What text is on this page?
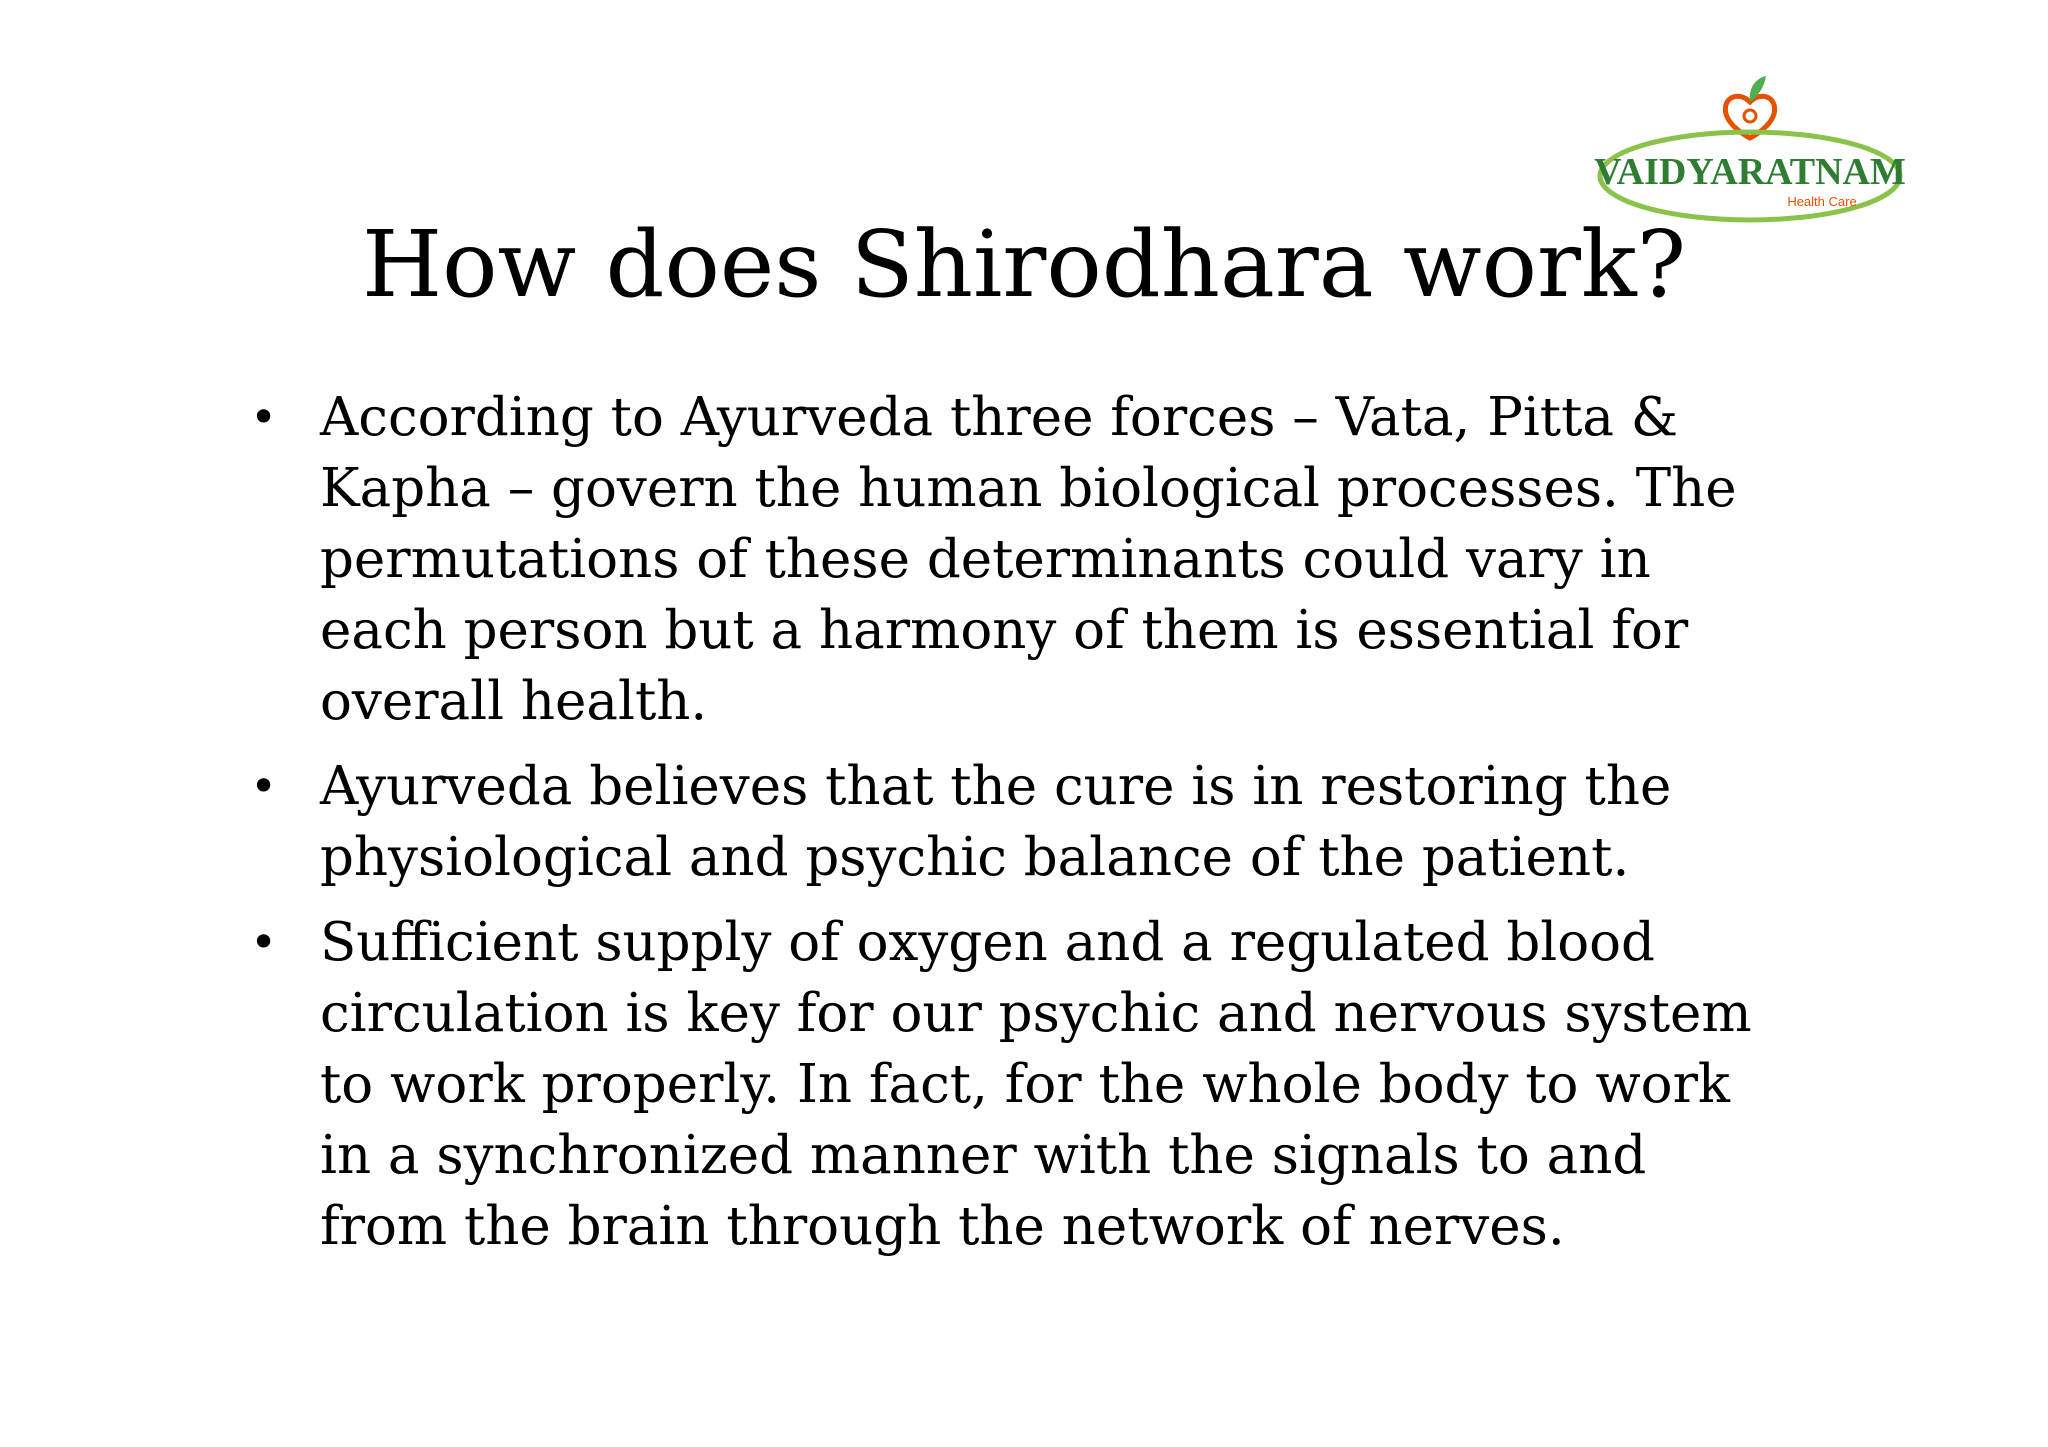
VAIDYARATNAM
Health Care
How does Shirodhara work?
• According to Ayurveda three forces – Vata, Pitta & Kapha – govern the human biological processes. The permutations of these determinants could vary in each person but a harmony of them is essential for overall health.
• Ayurveda believes that the cure is in restoring the physiological and psychic balance of the patient.
• Sufficient supply of oxygen and a regulated blood circulation is key for our psychic and nervous system to work properly. In fact, for the whole body to work in a synchronized manner with the signals to and from the brain through the network of nerves.
